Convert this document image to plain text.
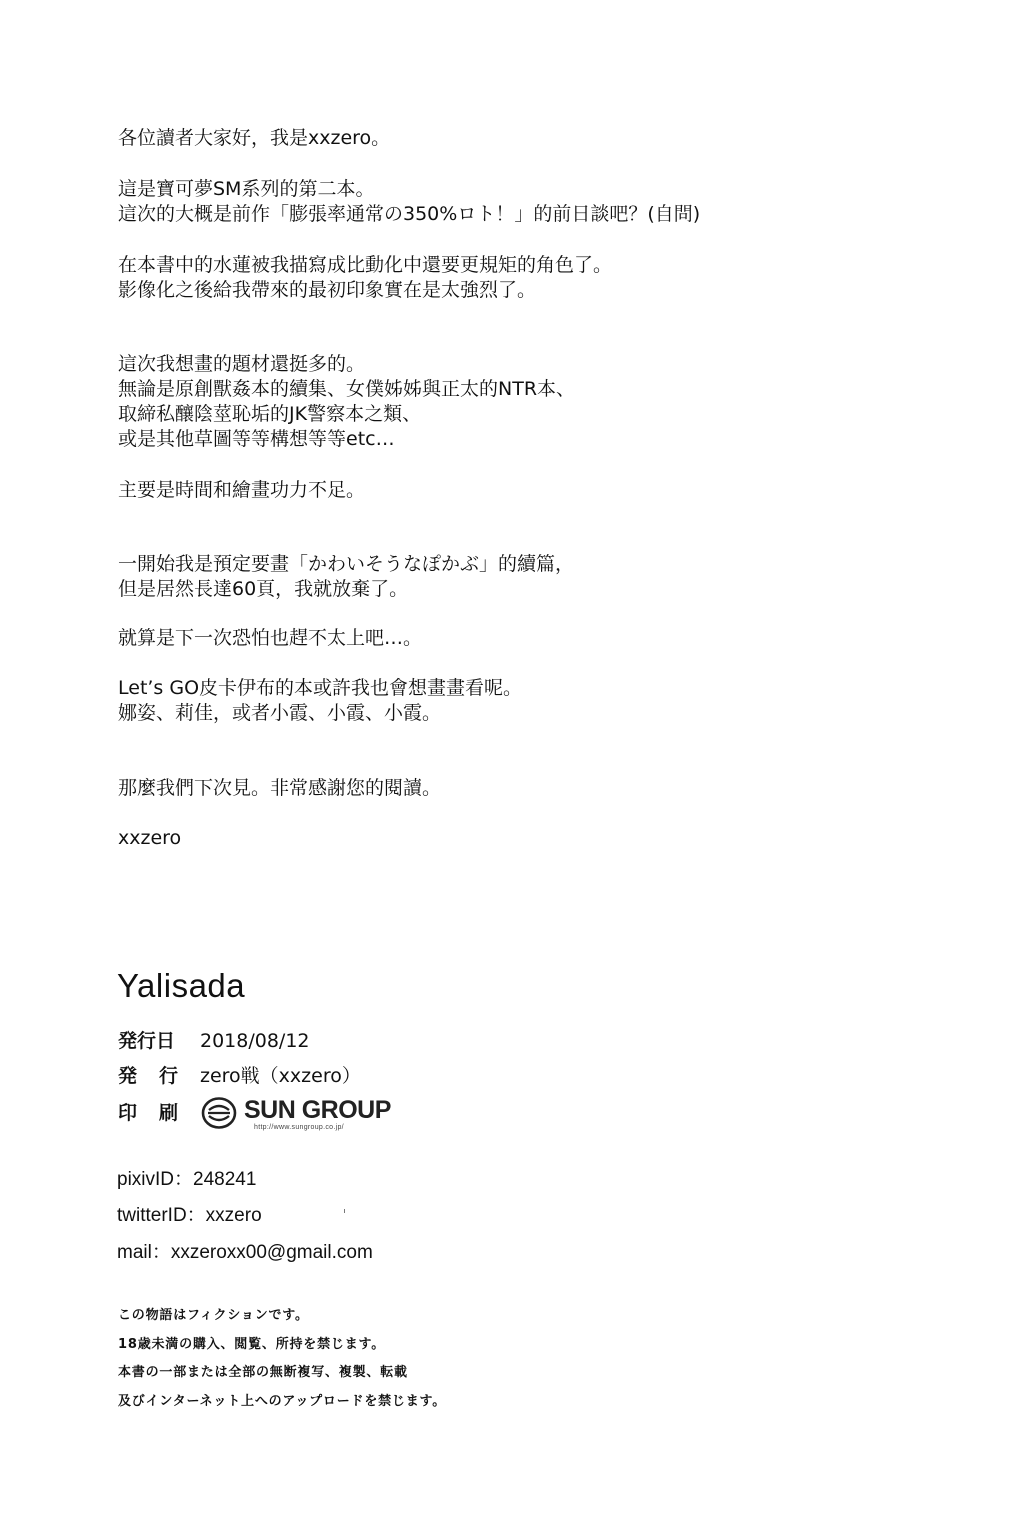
各位讀者大家好，我是xxzero。
這是寶可夢SM系列的第二本。
這次的大概是前作「膨張率通常の350%ロト！」的前日談吧？(自問)
在本書中的水蓮被我描寫成比動化中還要更規矩的角色了。
影像化之後給我帶來的最初印象實在是太強烈了。
這次我想畫的題材還挺多的。
無論是原創獸姦本的續集、女僕姊姊與正太的NTR本、
取締私釀陰莖恥垢的JK警察本之類、
或是其他草圖等等構想等等etc…
主要是時間和繪畫功力不足。
一開始我是預定要畫「かわいそうなぽかぶ」的續篇，
但是居然長達60頁，我就放棄了。
就算是下一次恐怕也趕不太上吧…。
Let’s GO皮卡伊布的本或許我也會想畫畫看呢。
娜姿、莉佳，或者小霞、小霞、小霞。
那麼我們下次見。非常感謝您的閱讀。
xxzero
Yalisada
発行日 2018/08/12
発行zero戦（xxzero）
印刷 SUN GROUP
http://www.sungroup.co.jp/
pixivID：248241
twitterID：xxzero
mail：xxzeroxx00@gmail.com
この物語はフィクションです。
18歳未満の購入、閲覧、所持を禁じます。
本書の一部または全部の無断複写、複製、転載
及びインターネット上へのアップロードを禁じます。
